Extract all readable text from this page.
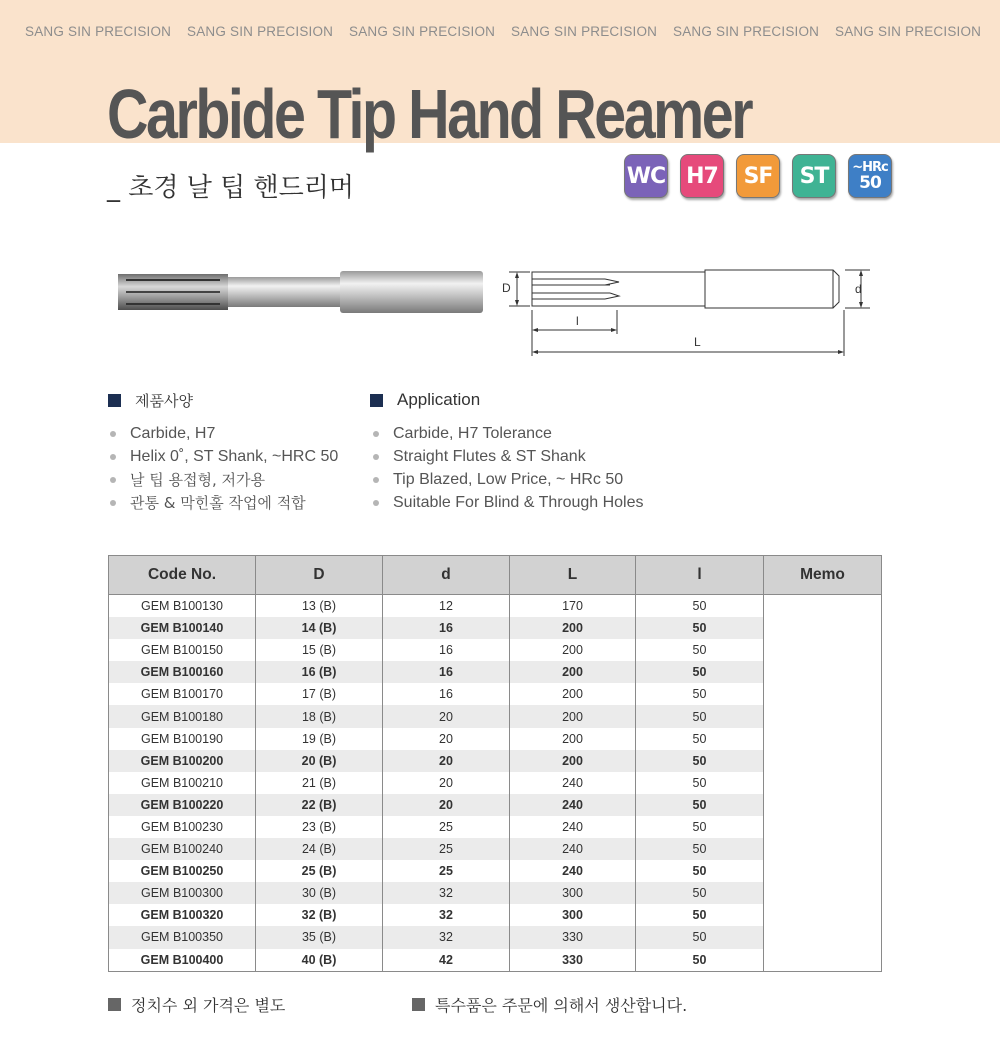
SANG SIN PRECISION SANG SIN PRECISION SANG SIN PRECISION SANG SIN PRECISION SANG SIN PRECISION SANG SIN PRECISION
Carbide Tip Hand Reamer
_ 초경 날 팁 핸드리머	WC H7	SF	ST	~HRc
50
D	d
l
L
제품사양
Carbide, H7
Helix 0˚, ST Shank, ~HRC 50
날 팁 용접형, 저가용
관통 & 막힌홀 작업에 적합
Application
Carbide, H7 Tolerance
Straight Flutes & ST Shank
Tip Blazed, Low Price, ~ HRc 50
Suitable For Blind & Through Holes
Code No.	D	d	L	l	Memo
GEM B100130	13 (B)	12	170	50	
GEM B100140	14 (B)	16	200	50	
GEM B100150	15 (B)	16	200	50	
GEM B100160	16 (B)	16	200	50	
GEM B100170	17 (B)	16	200	50	
GEM B100180	18 (B)	20	200	50	
GEM B100190	19 (B)	20	200	50	
GEM B100200	20 (B)	20	200	50	
GEM B100210	21 (B)	20	240	50	
GEM B100220	22 (B)	20	240	50	
GEM B100230	23 (B)	25	240	50	
GEM B100240	24 (B)	25	240	50	
GEM B100250	25 (B)	25	240	50	
GEM B100300	30 (B)	32	300	50	
GEM B100320	32 (B)	32	300	50	
GEM B100350	35 (B)	32	330	50	
GEM B100400	40 (B)	42	330	50	
정치수 외 가격은 별도	특수품은 주문에 의해서 생산합니다.
